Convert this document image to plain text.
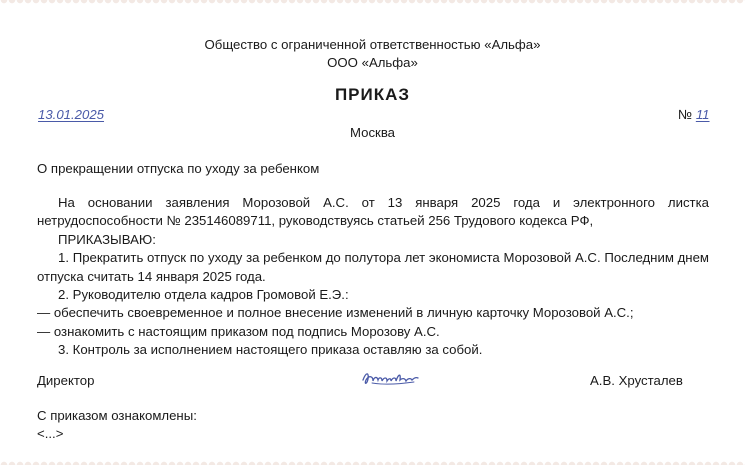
Общество с ограниченной ответственностью «Альфа»
ООО «Альфа»
ПРИКАЗ
13.01.2025	№ 11
Москва
О прекращении отпуска по уходу за ребенком

На основании заявления Морозовой А.С. от 13 января 2025 года и электронного листка нетрудоспособности № 235146089711, руководствуясь статьей 256 Трудового кодекса РФ,

ПРИКАЗЫВАЮ:

1. Прекратить отпуск по уходу за ребенком до полутора лет экономиста Морозовой А.С. Последним днем отпуска считать 14 января 2025 года.

2. Руководителю отдела кадров Громовой Е.Э.:

— обеспечить своевременное и полное внесение изменений в личную карточку Морозовой А.С.;

— ознакомить с настоящим приказом под подпись Морозову А.С.

3. Контроль за исполнением настоящего приказа оставляю за собой.

Директор	А.В. Хрусталев
С приказом ознакомлены:
<...>
